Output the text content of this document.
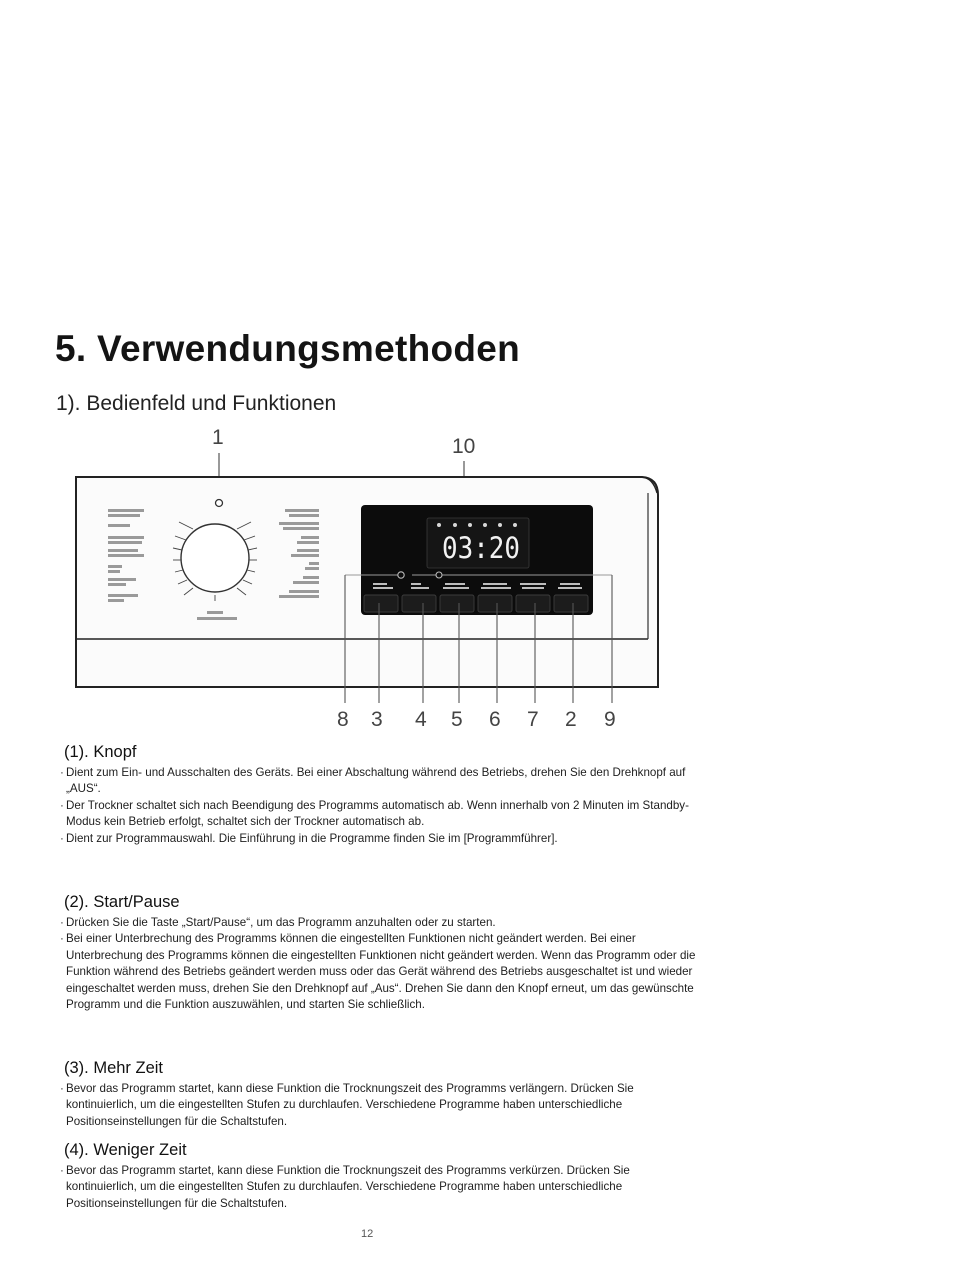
5. Verwendungsmethoden
1). Bedienfeld und Funktionen
1	10
03:20
8 3 4 5 6 7 2 9
(1). Knopf

· Dient zum Ein- und Ausschalten des Geräts. Bei einer Abschaltung während des Betriebs, drehen Sie den Drehknopf auf „AUS“.

· Der Trockner schaltet sich nach Beendigung des Programms automatisch ab. Wenn innerhalb von 2 Minuten im Standby-Modus kein Betrieb erfolgt, schaltet sich der Trockner automatisch ab.

· Dient zur Programmauswahl. Die Einführung in die Programme finden Sie im [Programmführer].

(2). Start/Pause

· Drücken Sie die Taste „Start/Pause“, um das Programm anzuhalten oder zu starten.

· Bei einer Unterbrechung des Programms können die eingestellten Funktionen nicht geändert werden. Bei einer Unterbrechung des Programms können die eingestellten Funktionen nicht geändert werden. Wenn das Programm oder die Funktion während des Betriebs geändert werden muss oder das Gerät während des Betriebs ausgeschaltet ist und wieder eingeschaltet werden muss, drehen Sie den Drehknopf auf „Aus“. Drehen Sie dann den Knopf erneut, um das gewünschte Programm und die Funktion auszuwählen, und starten Sie schließlich.

(3). Mehr Zeit

· Bevor das Programm startet, kann diese Funktion die Trocknungszeit des Programms verlängern. Drücken Sie kontinuierlich, um die eingestellten Stufen zu durchlaufen. Verschiedene Programme haben unterschiedliche Positionseinstellungen für die Schaltstufen.

(4). Weniger Zeit

· Bevor das Programm startet, kann diese Funktion die Trocknungszeit des Programms verkürzen. Drücken Sie kontinuierlich, um die eingestellten Stufen zu durchlaufen. Verschiedene Programme haben unterschiedliche Positionseinstellungen für die Schaltstufen.

12
